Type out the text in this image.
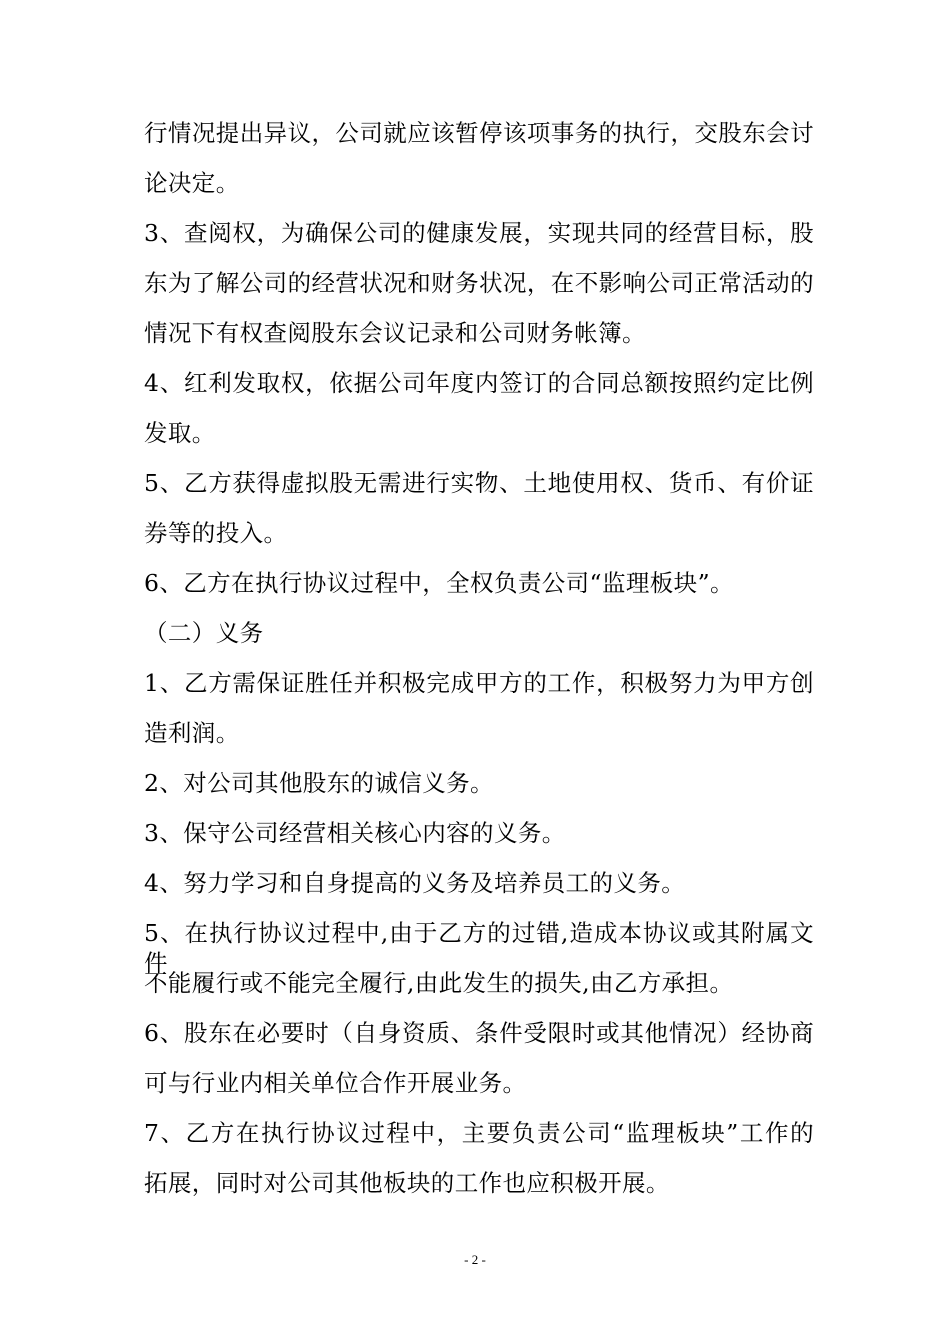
行情况提出异议，公司就应该暂停该项事务的执行，交股东会讨
论决定。
3、查阅权，为确保公司的健康发展，实现共同的经营目标，股
东为了解公司的经营状况和财务状况，在不影响公司正常活动的
情况下有权查阅股东会议记录和公司财务帐簿。
4、红利发取权，依据公司年度内签订的合同总额按照约定比例
发取。
5、乙方获得虚拟股无需进行实物、土地使用权、货币、有价证
券等的投入。
6、乙方在执行协议过程中，全权负责公司“监理板块”。
（二）义务
1、乙方需保证胜任并积极完成甲方的工作，积极努力为甲方创
造利润。
2、对公司其他股东的诚信义务。
3、保守公司经营相关核心内容的义务。
4、努力学习和自身提高的义务及培养员工的义务。
5、在执行协议过程中,由于乙方的过错,造成本协议或其附属文件
不能履行或不能完全履行,由此发生的损失,由乙方承担。
6、股东在必要时（自身资质、条件受限时或其他情况）经协商
可与行业内相关单位合作开展业务。
7、乙方在执行协议过程中，主要负责公司“监理板块”工作的
拓展，同时对公司其他板块的工作也应积极开展。
- 2 -
